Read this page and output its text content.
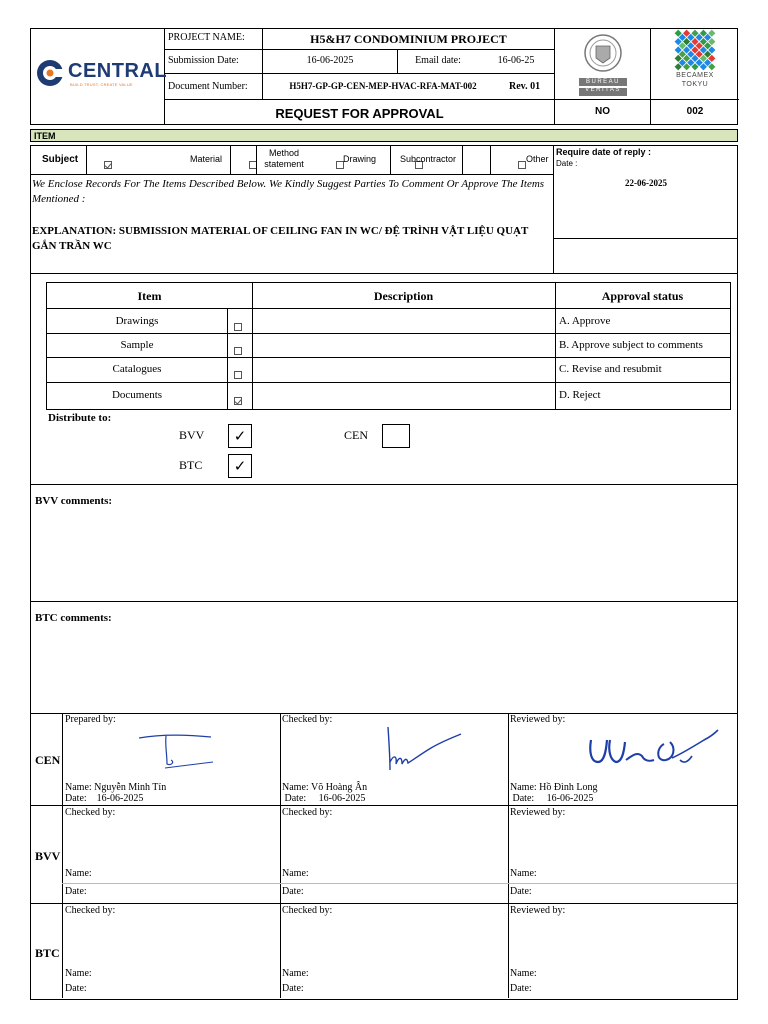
CENTRAL
BUILD TRUST, CREATE VALUE
PROJECT NAME:	H5&H7 CONDOMINIUM PROJECT
Submission Date:	16-06-2025	Email date:	16-06-25
Document Number:	H5H7-GP-GP-CEN-MEP-HVAC-RFA-MAT-002	Rev. 01
REQUEST FOR APPROVAL
BUREAU VERITAS
BECAMEX
TOKYU
NO	002
ITEM
Subject
	Material

Method
statement
	Drawing
	Subcontractor	Other
We Enclose Records For The Items Described Below. We Kindly Suggest Parties To Comment Or Approve The Items Mentioned :
EXPLANATION: SUBMISSION MATERIAL OF CEILING FAN IN WC/ ĐỆ TRÌNH VẬT LIỆU QUẠT GẮN TRẦN WC
Require date of reply :
Date :
22-06-2025
Item	Description	Approval status
Drawings	A. Approve
Sample	B. Approve subject to comments
Catalogues	C. Revise and resubmit
Documents	D. Reject
Distribute to:
BVV	✓
BTC	✓
CEN
BVV comments:
BTC comments:
CEN
Prepared by:	Checked by:	Reviewed by:
Name: Nguyễn Minh Tín
Date:    16-06-2025
Name: Võ Hoàng Ân
Date:     16-06-2025
Name: Hồ Đình Long
Date:     16-06-2025
BVV
Checked by:	Checked by:	Reviewed by:
Name:	Name:	Name:
Date:	Date:	Date:
BTC
Checked by:	Checked by:	Reviewed by:
Name:	Name:	Name:
Date:	Date:	Date:
